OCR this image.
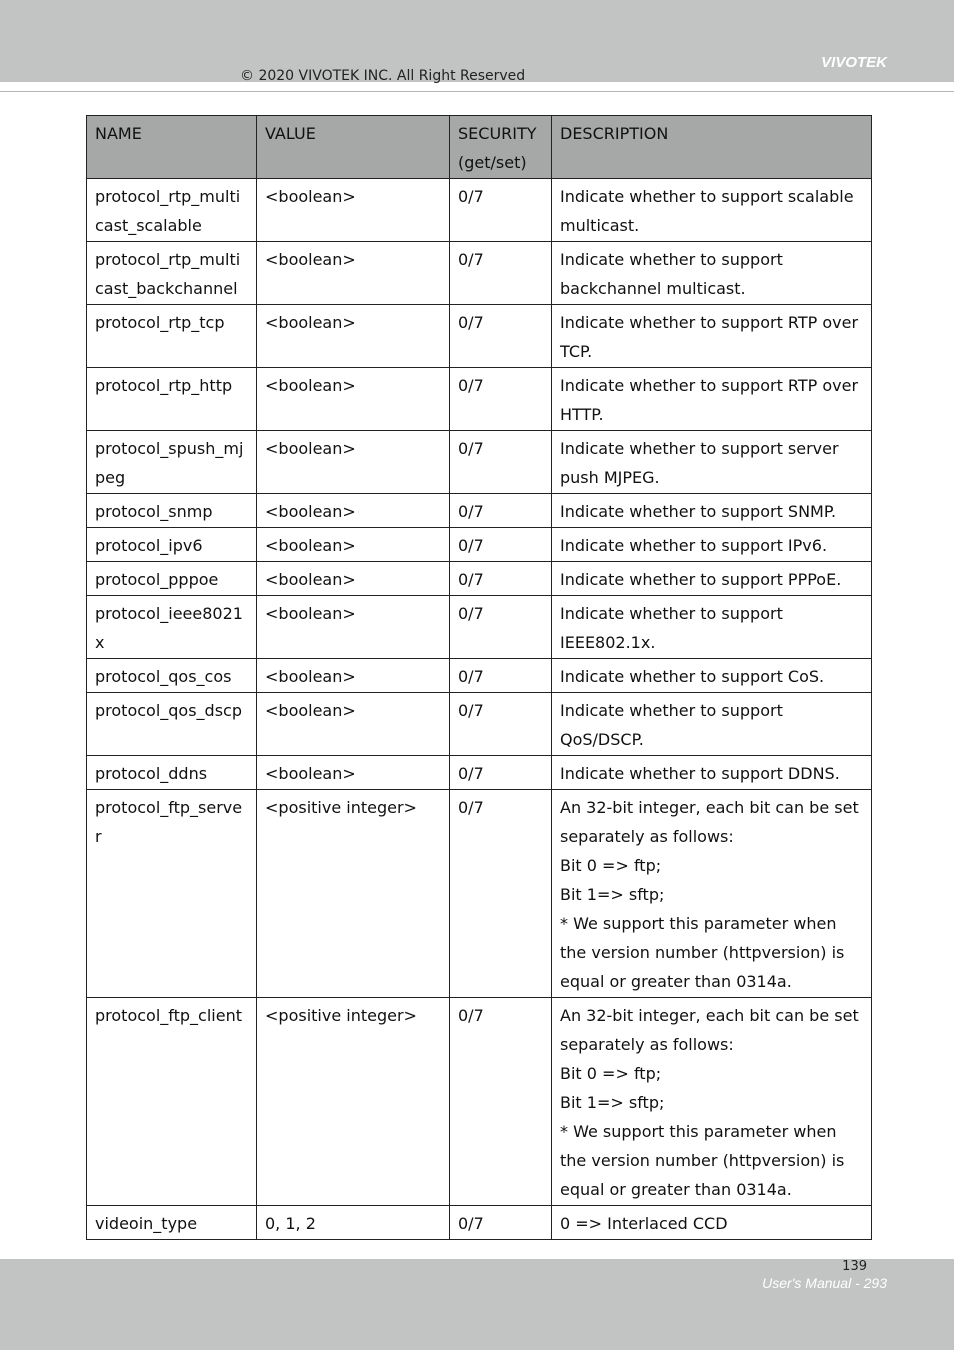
VIVOTEK
© 2020 VIVOTEK INC. All Right Reserved
NAME	VALUE	SECURITY (get/set)	DESCRIPTION
protocol_rtp_multicast_scalable	<boolean>	0/7	Indicate whether to support scalable multicast.

protocol_rtp_multicast_backchannel	<boolean>	0/7	Indicate whether to support backchannel multicast.

protocol_rtp_tcp	<boolean>	0/7	Indicate whether to support RTP over TCP.

protocol_rtp_http	<boolean>	0/7	Indicate whether to support RTP over HTTP.

protocol_spush_mjpeg	<boolean>	0/7	Indicate whether to support server push MJPEG.

protocol_snmp	<boolean>	0/7	Indicate whether to support SNMP.

protocol_ipv6	<boolean>	0/7	Indicate whether to support IPv6.

protocol_pppoe	<boolean>	0/7	Indicate whether to support PPPoE.

protocol_ieee8021x	<boolean>	0/7	Indicate whether to support IEEE802.1x.

protocol_qos_cos	<boolean>	0/7	Indicate whether to support CoS.

protocol_qos_dscp	<boolean>	0/7	Indicate whether to support QoS/DSCP.

protocol_ddns	<boolean>	0/7	Indicate whether to support DDNS.

protocol_ftp_server	<positive integer>	0/7	An 32-bit integer, each bit can be set separately as follows:
Bit 0 => ftp;
Bit 1=> sftp;
* We support this parameter when the version number (httpversion) is equal or greater than 0314a.

protocol_ftp_client	<positive integer>	0/7	An 32-bit integer, each bit can be set separately as follows:
Bit 0 => ftp;
Bit 1=> sftp;
* We support this parameter when the version number (httpversion) is equal or greater than 0314a.

videoin_type	0, 1, 2	0/7	0 => Interlaced CCD
139
User's Manual - 293
